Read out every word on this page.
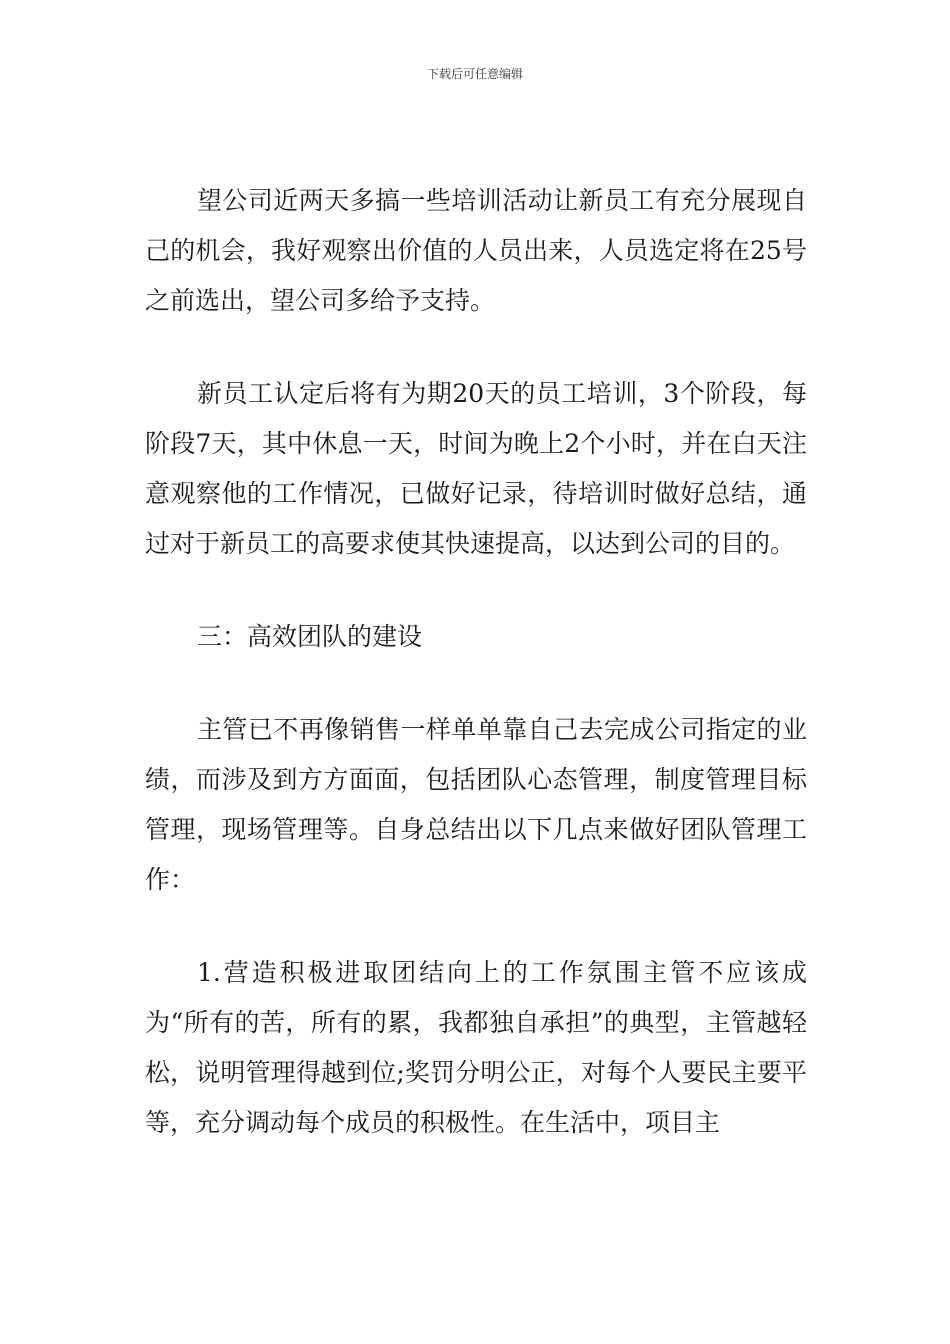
下载后可任意编辑

望公司近两天多搞一些培训活动让新员工有充分展现自己的机会，我好观察出价值的人员出来，人员选定将在25号之前选出，望公司多给予支持。

新员工认定后将有为期20天的员工培训，3个阶段，每阶段7天，其中休息一天，时间为晚上2个小时，并在白天注意观察他的工作情况，已做好记录，待培训时做好总结，通过对于新员工的高要求使其快速提高，以达到公司的目的。

三：高效团队的建设

主管已不再像销售一样单单靠自己去完成公司指定的业绩，而涉及到方方面面，包括团队心态管理，制度管理目标管理，现场管理等。自身总结出以下几点来做好团队管理工作：

1.营造积极进取团结向上的工作氛围主管不应该成为“所有的苦，所有的累，我都独自承担”的典型，主管越轻松，说明管理得越到位;奖罚分明公正，对每个人要民主要平等，充分调动每个成员的积极性。在生活中，项目主
